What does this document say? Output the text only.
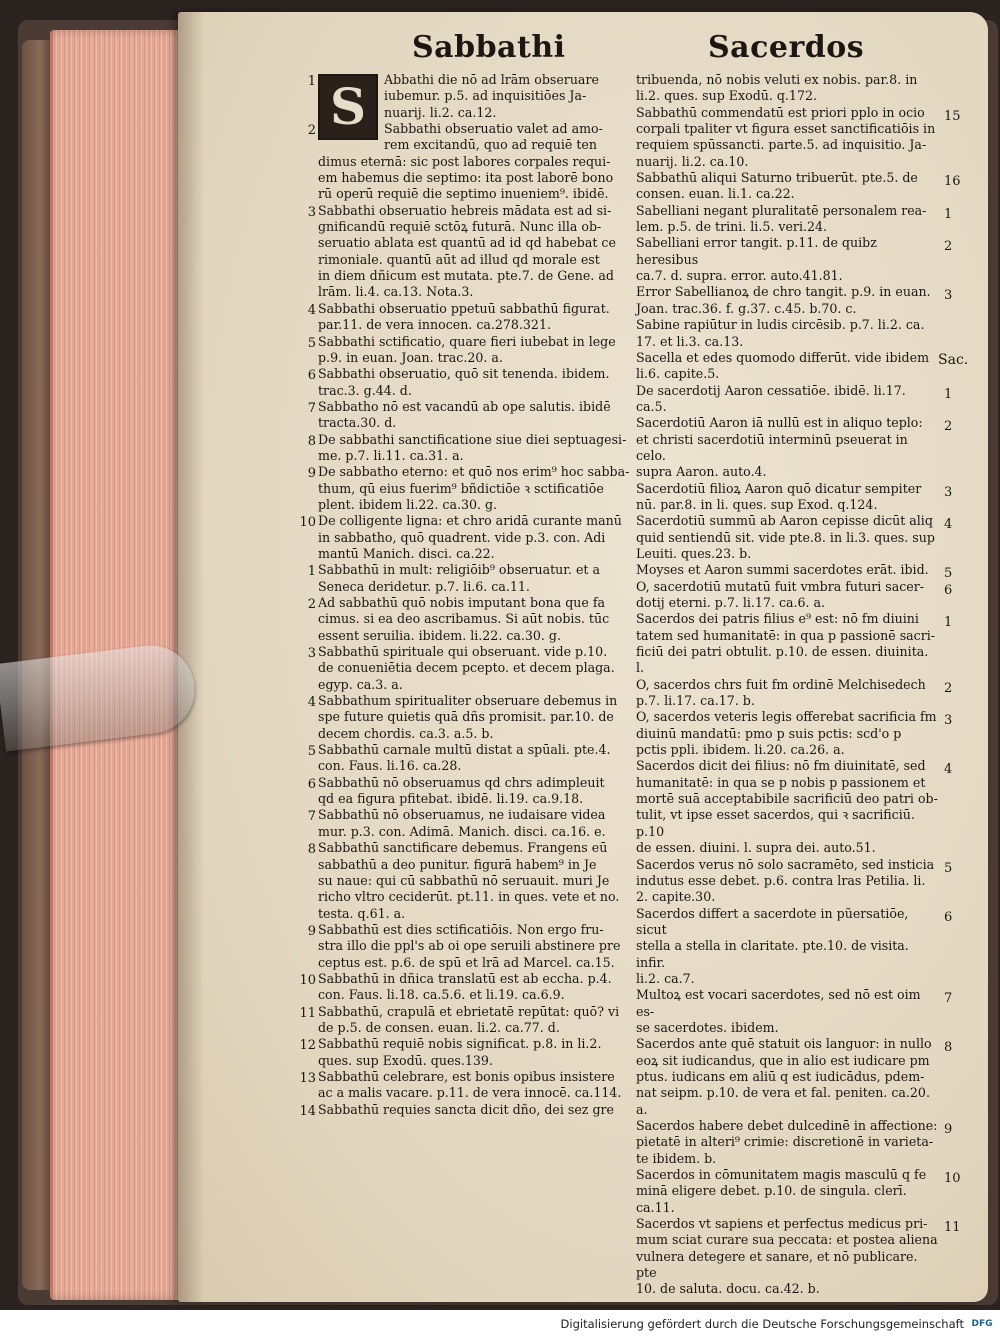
Sabbathi	Sacerdos
1 S	Abbathi die nō ad lrām obseruare
iubemur. p.5. ad inquisitiōes Ja-
nuarij. li.2. ca.12.
2	Sabbathi obseruatio valet ad amo-
rem excitandū, quo ad requiē ten
dimus eternā: sic post labores corpales requi-
em habemus die septimo: ita post laborē bono
rū operū requiē die septimo inueniem⁹. ibidē.
3 Sabbathi obseruatio hebreis mādata est ad si-
gnificandū requiē sctōꝝ futurā. Nunc illa ob-
seruatio ablata est quantū ad id qd habebat ce
rimoniale. quantū aūt ad illud qd morale est
in diem dñicum est mutata. pte.7. de Gene. ad
lrām. li.4. ca.13. Nota.3.
4 Sabbathi obseruatio ppetuū sabbathū figurat.
par.11. de vera innocen. ca.278.321.
5 Sabbathi sctificatio, quare fieri iubebat in lege
p.9. in euan. Joan. trac.20. a.
6 Sabbathi obseruatio, quō sit tenenda. ibidem.
trac.3. g.44. d.
7 Sabbatho nō est vacandū ab ope salutis. ibidē
tracta.30. d.
8 De sabbathi sanctificatione siue diei septuagesi-
me. p.7. li.11. ca.31. a.
9 De sabbatho eterno: et quō nos erim⁹ hoc sabba-
thum, qū eius fuerim⁹ bñdictiōe ꝛ sctificatiōe
plent. ibidem li.22. ca.30. g.
10 De colligente ligna: et chro aridā curante manū
in sabbatho, quō quadrent. vide p.3. con. Adi
mantū Manich. disci. ca.22.
1 Sabbathū in mult: religiōib⁹ obseruatur. et a
Seneca deridetur. p.7. li.6. ca.11.
2 Ad sabbathū quō nobis imputant bona que fa
cimus. si ea deo ascribamus. Si aūt nobis. tūc
essent seruilia. ibidem. li.22. ca.30. g.
3 Sabbathū spirituale qui obseruant. vide p.10.
de conueniētia decem pcepto. et decem plaga.
egyp. ca.3. a.
4 Sabbathum spiritualiter obseruare debemus in
spe future quietis quā dñs promisit. par.10. de
decem chordis. ca.3. a.5. b.
5 Sabbathū carnale multū distat a spūali. pte.4.
con. Faus. li.16. ca.28.
6 Sabbathū nō obseruamus qd chrs adimpleuit
qd ea figura pfitebat. ibidē. li.19. ca.9.18.
7 Sabbathū nō obseruamus, ne iudaisare videa
mur. p.3. con. Adimā. Manich. disci. ca.16. e.
8 Sabbathū sanctificare debemus. Frangens eū
sabbathū a deo punitur. figurā habem⁹ in Je
su naue: qui cū sabbathū nō seruauit. muri Je
richo vltro ceciderūt. pt.11. in ques. vete et no.
testa. q.61. a.
9 Sabbathū est dies sctificatiōis. Non ergo fru-
stra illo die ppl's ab oi ope seruili abstinere pre
ceptus est. p.6. de spū et lrā ad Marcel. ca.15.
10 Sabbathū in dñica translatū est ab eccha. p.4.
con. Faus. li.18. ca.5.6. et li.19. ca.6.9.
11 Sabbathū, crapulā et ebrietatē repūtat: quō? vi
de p.5. de consen. euan. li.2. ca.77. d.
12 Sabbathū requiē nobis significat. p.8. in li.2.
ques. sup Exodū. ques.139.
13 Sabbathū celebrare, est bonis opibus insistere
ac a malis vacare. p.11. de vera innocē. ca.114.
14 Sabbathū requies sancta dicit dño, dei sez gre
tribuenda, nō nobis veluti ex nobis. par.8. in
li.2. ques. sup Exodū. q.172.
15
Sabbathū commendatū est priori pplo in ocio
corpali tpaliter vt figura esset sanctificatiōis in
requiem spūssancti. parte.5. ad inquisitio. Ja-
nuarij. li.2. ca.10.
16
Sabbathū aliqui Saturno tribuerūt. pte.5. de
consen. euan. li.1. ca.22.
1
Sabelliani negant pluralitatē personalem rea-
lem. p.5. de trini. li.5. veri.24.
2
Sabelliani error tangit. p.11. de quibz heresibus
ca.7. d. supra. error. auto.41.81.
3
Error Sabellianoꝝ de chro tangit. p.9. in euan.
Joan. trac.36. f. g.37. c.45. b.70. c.
Sabine rapiūtur in ludis circēsib. p.7. li.2. ca.
17. et li.3. ca.13.
Sacella et edes quomodo differūt. vide ibidem
li.6. capite.5.
1
De sacerdotij Aaron cessatiōe. ibidē. li.17. ca.5.
2
Sacerdotiū Aaron iā nullū est in aliquo teplo:
et christi sacerdotiū interminū pseuerat in celo.
supra Aaron. auto.4.
3
Sacerdotiū filioꝝ Aaron quō dicatur sempiter
nū. par.8. in li. ques. sup Exod. q.124.
4
Sacerdotiū summū ab Aaron cepisse dicūt aliq
quid sentiendū sit. vide pte.8. in li.3. ques. sup
Leuiti. ques.23. b.
5
Moyses et Aaron summi sacerdotes erāt. ibid.
6
O, sacerdotiū mutatū fuit vmbra futuri sacer-
dotij eterni. p.7. li.17. ca.6. a.
1
Sacerdos dei patris filius e⁹ est: nō fm diuini
tatem sed humanitatē: in qua p passionē sacri-
ficiū dei patri obtulit. p.10. de essen. diuinita. l.
2
O, sacerdos chrs fuit fm ordinē Melchisedech
p.7. li.17. ca.17. b.
3
O, sacerdos veteris legis offerebat sacrificia fm
diuinū mandatū: pmo p suis pctis: scd'o p
pctis ppli. ibidem. li.20. ca.26. a.
4
Sacerdos dicit dei filius: nō fm diuinitatē, sed
humanitatē: in qua se p nobis p passionem et
mortē suā acceptabibile sacrificiū deo patri ob-
tulit, vt ipse esset sacerdos, qui ꝛ sacrificiū. p.10
de essen. diuini. l. supra dei. auto.51.
5
Sacerdos verus nō solo sacramēto, sed insticia
indutus esse debet. p.6. contra lras Petilia. li.
2. capite.30.
6
Sacerdos differt a sacerdote in pũersatiōe, sicut
stella a stella in claritate. pte.10. de visita. infir.
li.2. ca.7.
7
Multoꝝ est vocari sacerdotes, sed nō est oim es-
se sacerdotes. ibidem.
8
Sacerdos ante quē statuit ois languor: in nullo
eoꝝ sit iudicandus, que in alio est iudicare pm
ptus. iudicans em aliū q est iudicādus, pdem-
nat seipm. p.10. de vera et fal. peniten. ca.20. a.
9
Sacerdos habere debet dulcedinē in affectione:
pietatē in alteri⁹ crimie: discretionē in varieta-
te ibidem. b.
10
Sacerdos in cōmunitatem magis masculū q fe
minā eligere debet. p.10. de singula. clerī. ca.11.
11
Sacerdos vt sapiens et perfectus medicus pri-
mum sciat curare sua peccata: et postea aliena
vulnera detegere et sanare, et nō publicare. pte
10. de saluta. docu. ca.42. b.
Sac.
Digitalisierung gefördert durch die Deutsche Forschungsgemeinschaft DFG
